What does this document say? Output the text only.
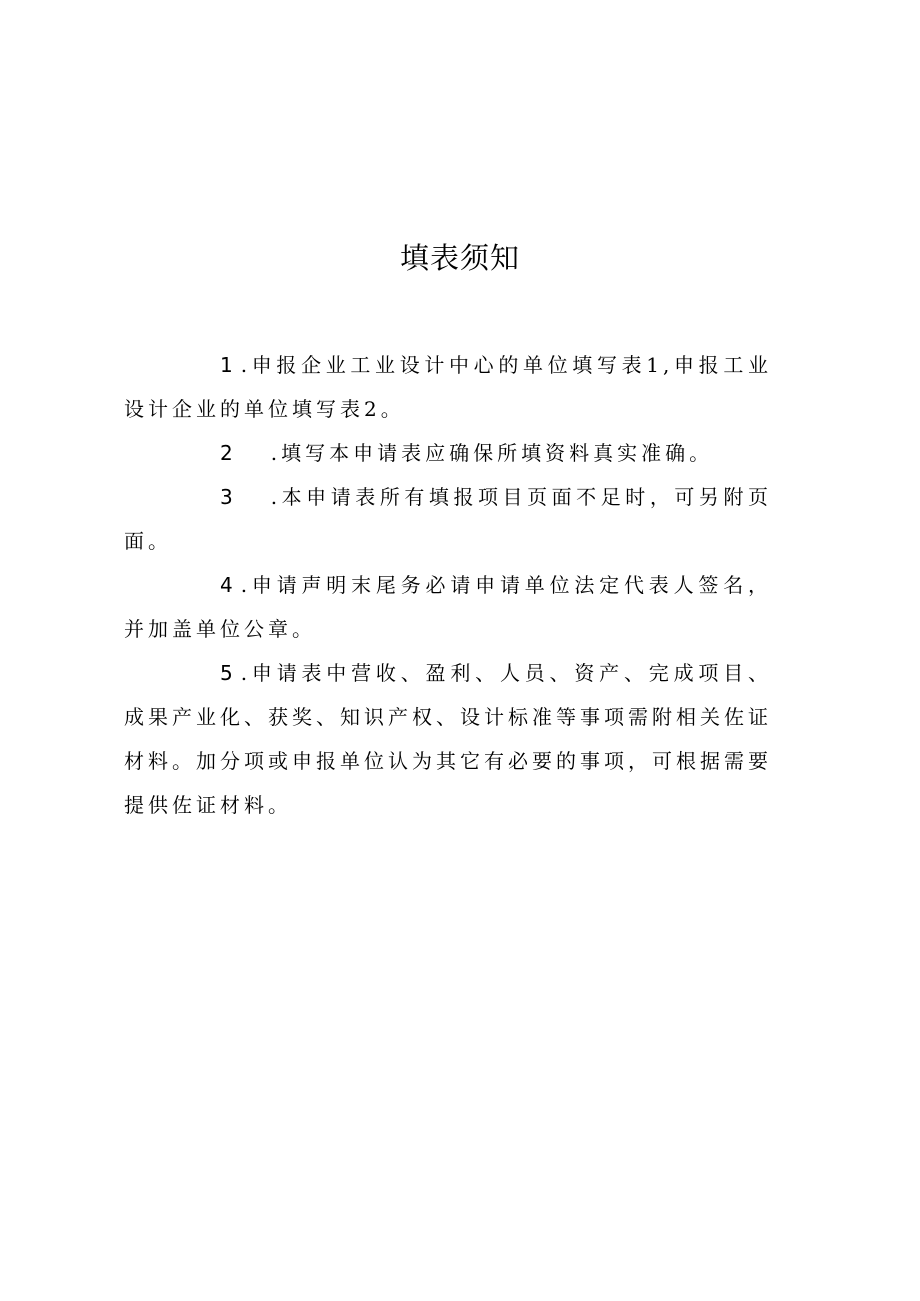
填表须知

1 .申报企业工业设计中心的单位填写表1,申报工业设计企业的单位填写表2。

2 .填写本申请表应确保所填资料真实准确。

3 .本申请表所有填报项目页面不足时，可另附页面。

4 .申请声明末尾务必请申请单位法定代表人签名，并加盖单位公章。

5 .申请表中营收、盈利、人员、资产、完成项目、成果产业化、获奖、知识产权、设计标准等事项需附相关佐证材料。加分项或申报单位认为其它有必要的事项，可根据需要提供佐证材料。
